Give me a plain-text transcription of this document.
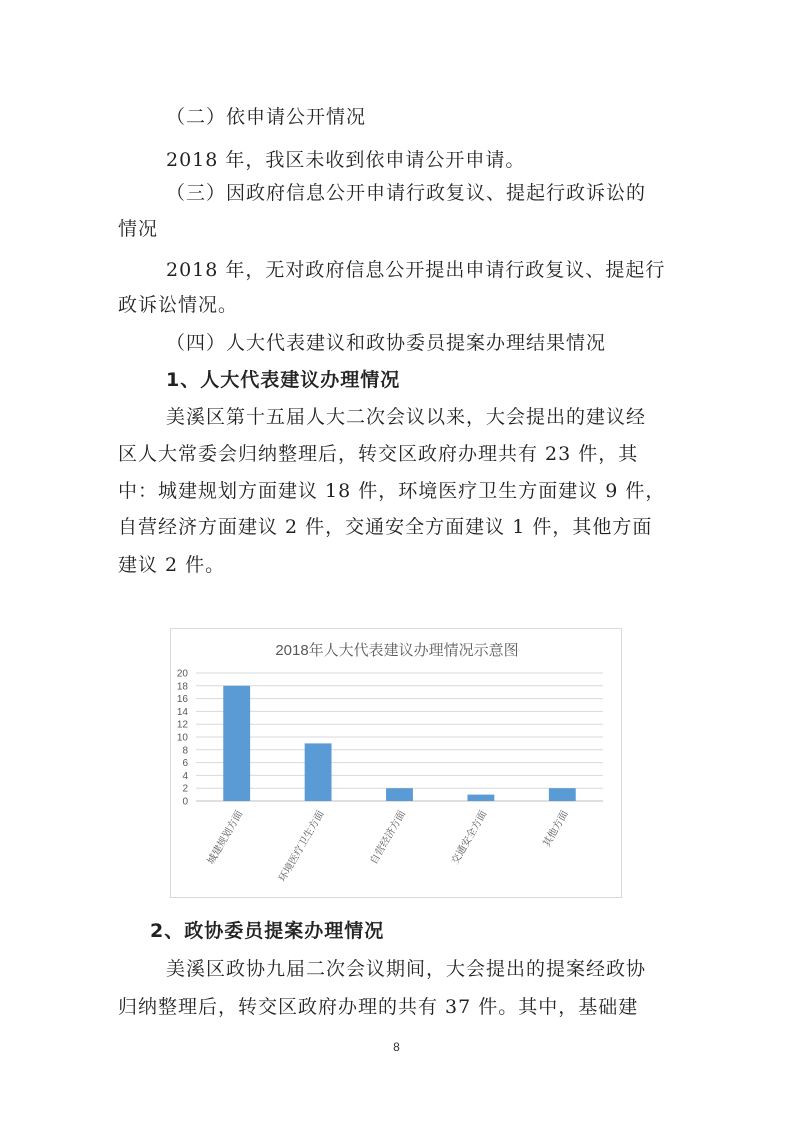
（二）依申请公开情况
2018 年，我区未收到依申请公开申请。
（三）因政府信息公开申请行政复议、提起行政诉讼的
情况
2018 年，无对政府信息公开提出申请行政复议、提起行
政诉讼情况。
（四）人大代表建议和政协委员提案办理结果情况
1、人大代表建议办理情况
美溪区第十五届人大二次会议以来，大会提出的建议经
区人大常委会归纳整理后，转交区政府办理共有 23 件，其
中：城建规划方面建议 18 件，环境医疗卫生方面建议 9 件，
自营经济方面建议 2 件，交通安全方面建议 1 件，其他方面
建议 2 件。
2018年人大代表建议办理情况示意图
0
2
4
6
8
10
12
14
16
18
20
城建规划方面	环境医疗卫生方面	自营经济方面	交通安全方面	其他方面
2、政协委员提案办理情况
美溪区政协九届二次会议期间，大会提出的提案经政协
归纳整理后，转交区政府办理的共有 37 件。其中，基础建
8
